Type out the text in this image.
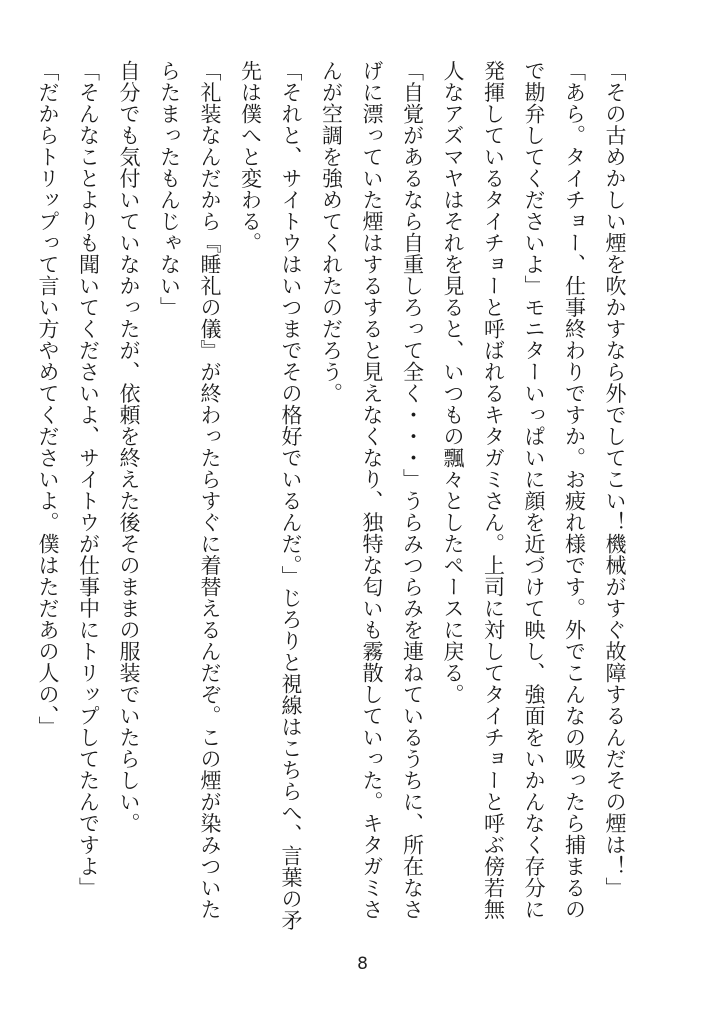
「その古めかしい煙を吹かすなら外でしてこい！機械がすぐ故障するんだその煙は！」

「あら。タイチョー、仕事終わりですか。お疲れ様です。外でこんなの吸ったら捕まるので勘弁してくださいよ」モニターいっぱいに顔を近づけて映し、強面をいかんなく存分に発揮しているタイチョーと呼ばれるキタガミさん。上司に対してタイチョーと呼ぶ傍若無人なアズマヤはそれを見ると、いつもの飄々としたペースに戻る。

「自覚があるなら自重しろって全く・・・」うらみつらみを連ねているうちに、所在なさげに漂っていた煙はするすると見えなくなり、独特な匂いも霧散していった。キタガミさんが空調を強めてくれたのだろう。

「それと、サイトウはいつまでその格好でいるんだ。」じろりと視線はこちらへ、言葉の矛先は僕へと変わる。

「礼装なんだから『睡礼の儀』が終わったらすぐに着替えるんだぞ。この煙が染みついたらたまったもんじゃない」

自分でも気付いていなかったが、依頼を終えた後そのままの服装でいたらしい。

「そんなことよりも聞いてくださいよ、サイトウが仕事中にトリップしてたんですよ」

「だからトリップって言い方やめてくださいよ。僕はただあの人の、」

8
